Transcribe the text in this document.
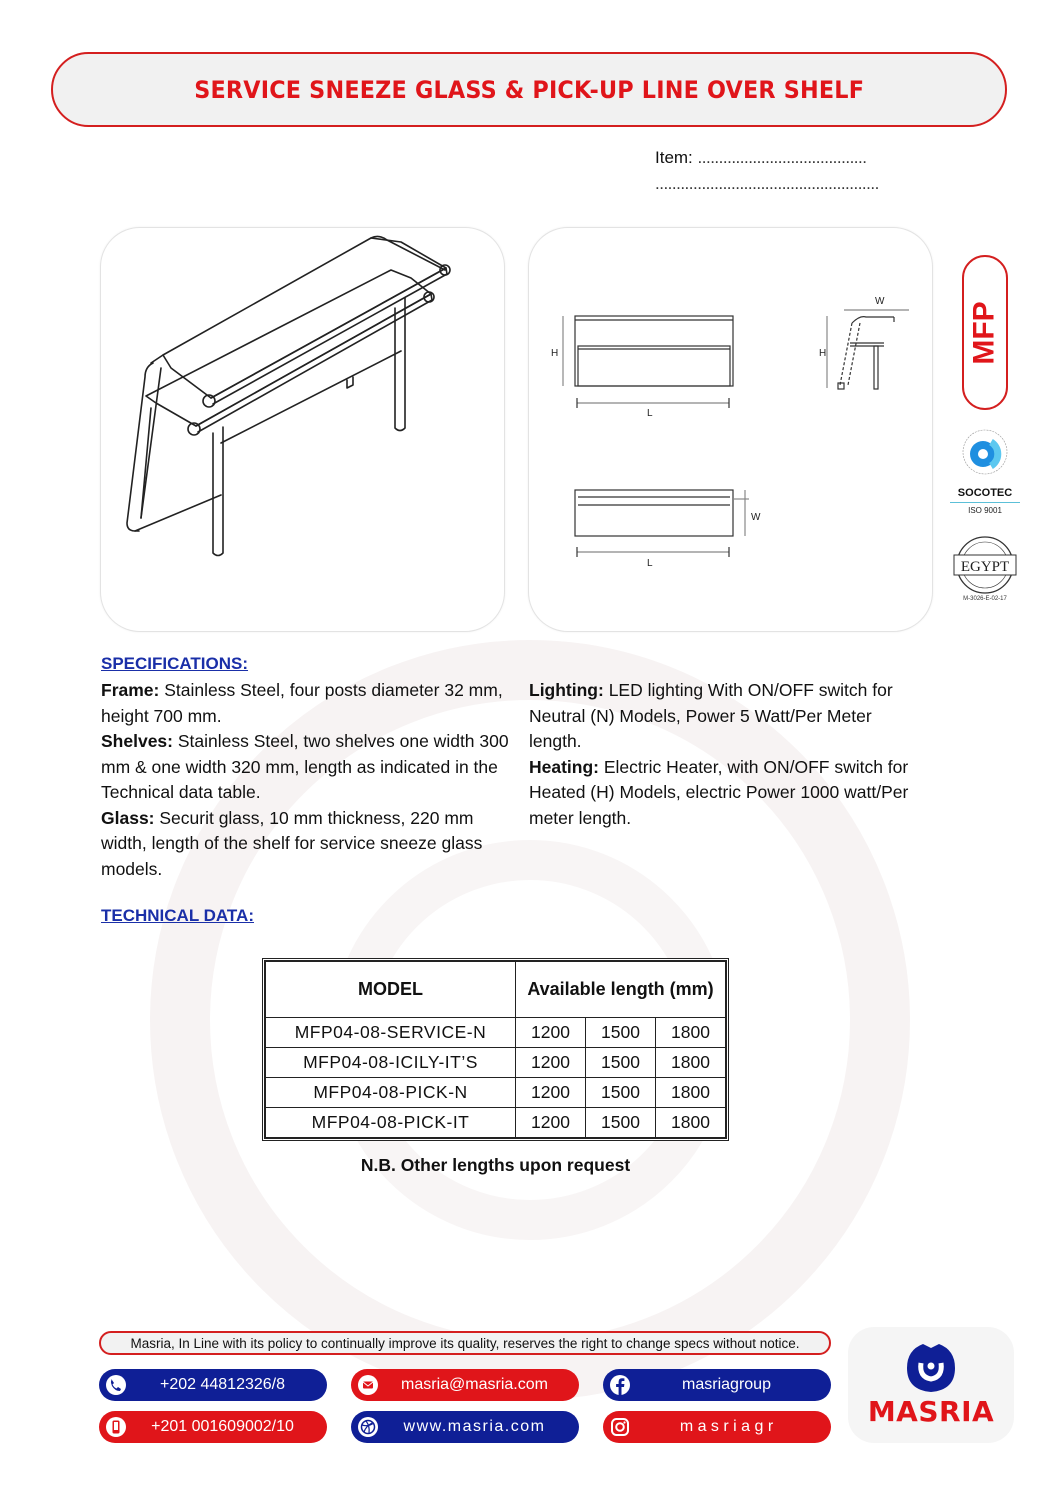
SERVICE SNEEZE GLASS & PICK-UP LINE OVER SHELF
Item: ........................................
.....................................................
H
L
W
H
W
L
MFP
SOCOTEC
ISO 9001
EGYPT
M-3026-E-02-17
SPECIFICATIONS:
Frame: Stainless Steel, four posts diameter 32 mm, height 700 mm.
Shelves: Stainless Steel, two shelves one width 300 mm & one width 320 mm, length as indicated in the Technical data table.
Glass: Securit glass, 10 mm thickness, 220 mm width, length of the shelf for service sneeze glass models.
Lighting: LED lighting With ON/OFF switch for Neutral (N) Models, Power 5 Watt/Per Meter length.
Heating: Electric Heater, with ON/OFF switch for Heated (H) Models, electric Power 1000 watt/Per meter length.
TECHNICAL DATA:
MODEL	Available length (mm)		
MFP04-08-SERVICE-N	1200	1500	1800
MFP04-08-ICILY-IT’S	1200	1500	1800
MFP04-08-PICK-N	1200	1500	1800
MFP04-08-PICK-IT	1200	1500	1800
N.B. Other lengths upon request
Masria, In Line with its policy to continually improve its quality, reserves the right to change specs without notice.
+202 44812326/8
+201 001609002/10
masria@masria.com
www.masria.com
masriagroup
m a s r i a g r	MASRIA
